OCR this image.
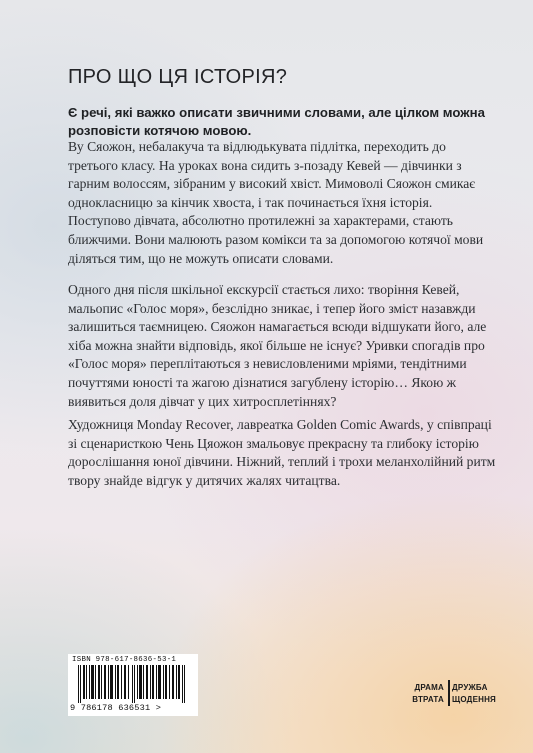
ПРО ЩО ЦЯ ІСТОРІЯ?

Є речі, які важко описати звичними словами, але цілком можна розповісти котячою мовою.

Ву Сяожон, небалакуча та відлюдькувата підлітка, переходить до третього класу. На уроках вона сидить з-позаду Кевей — дівчинки з гарним волоссям, зібраним у високий хвіст. Мимоволі Сяожон смикає однокласницю за кінчик хвоста, і так починається їхня історія. Поступово дівчата, абсолютно протилежні за характерами, стають ближчими. Вони малюють разом комікси та за допомогою котячої мови діляться тим, що не можуть описати словами.

Одного дня після шкільної екскурсії стається лихо: творіння Кевей, мальопис «Голос моря», безслідно зникає, і тепер його зміст назавжди залишиться таємницею. Сяожон намагається всюди відшукати його, але хіба можна знайти відповідь, якої більше не існує? Уривки спогадів про «Голос моря» переплітаються з невисловленими мріями, тендітними почуттями юності та жагою дізнатися загублену історію… Якою ж виявиться доля дівчат у цих хитросплетіннях?

Художниця Monday Recover, лавреатка Golden Comic Awards, у співпраці зі сценаристкою Чень Цяожон змальовує прекрасну та глибоку історію дорослішання юної дівчини. Ніжний, теплий і трохи меланхолійний ритм твору знайде відгук у дитячих жалях читацтва.

ISBN 978-617-8636-53-1
9 786178 636531 >
ДРАМА	ДРУЖБА
ВТРАТА	ЩОДЕННЯ
